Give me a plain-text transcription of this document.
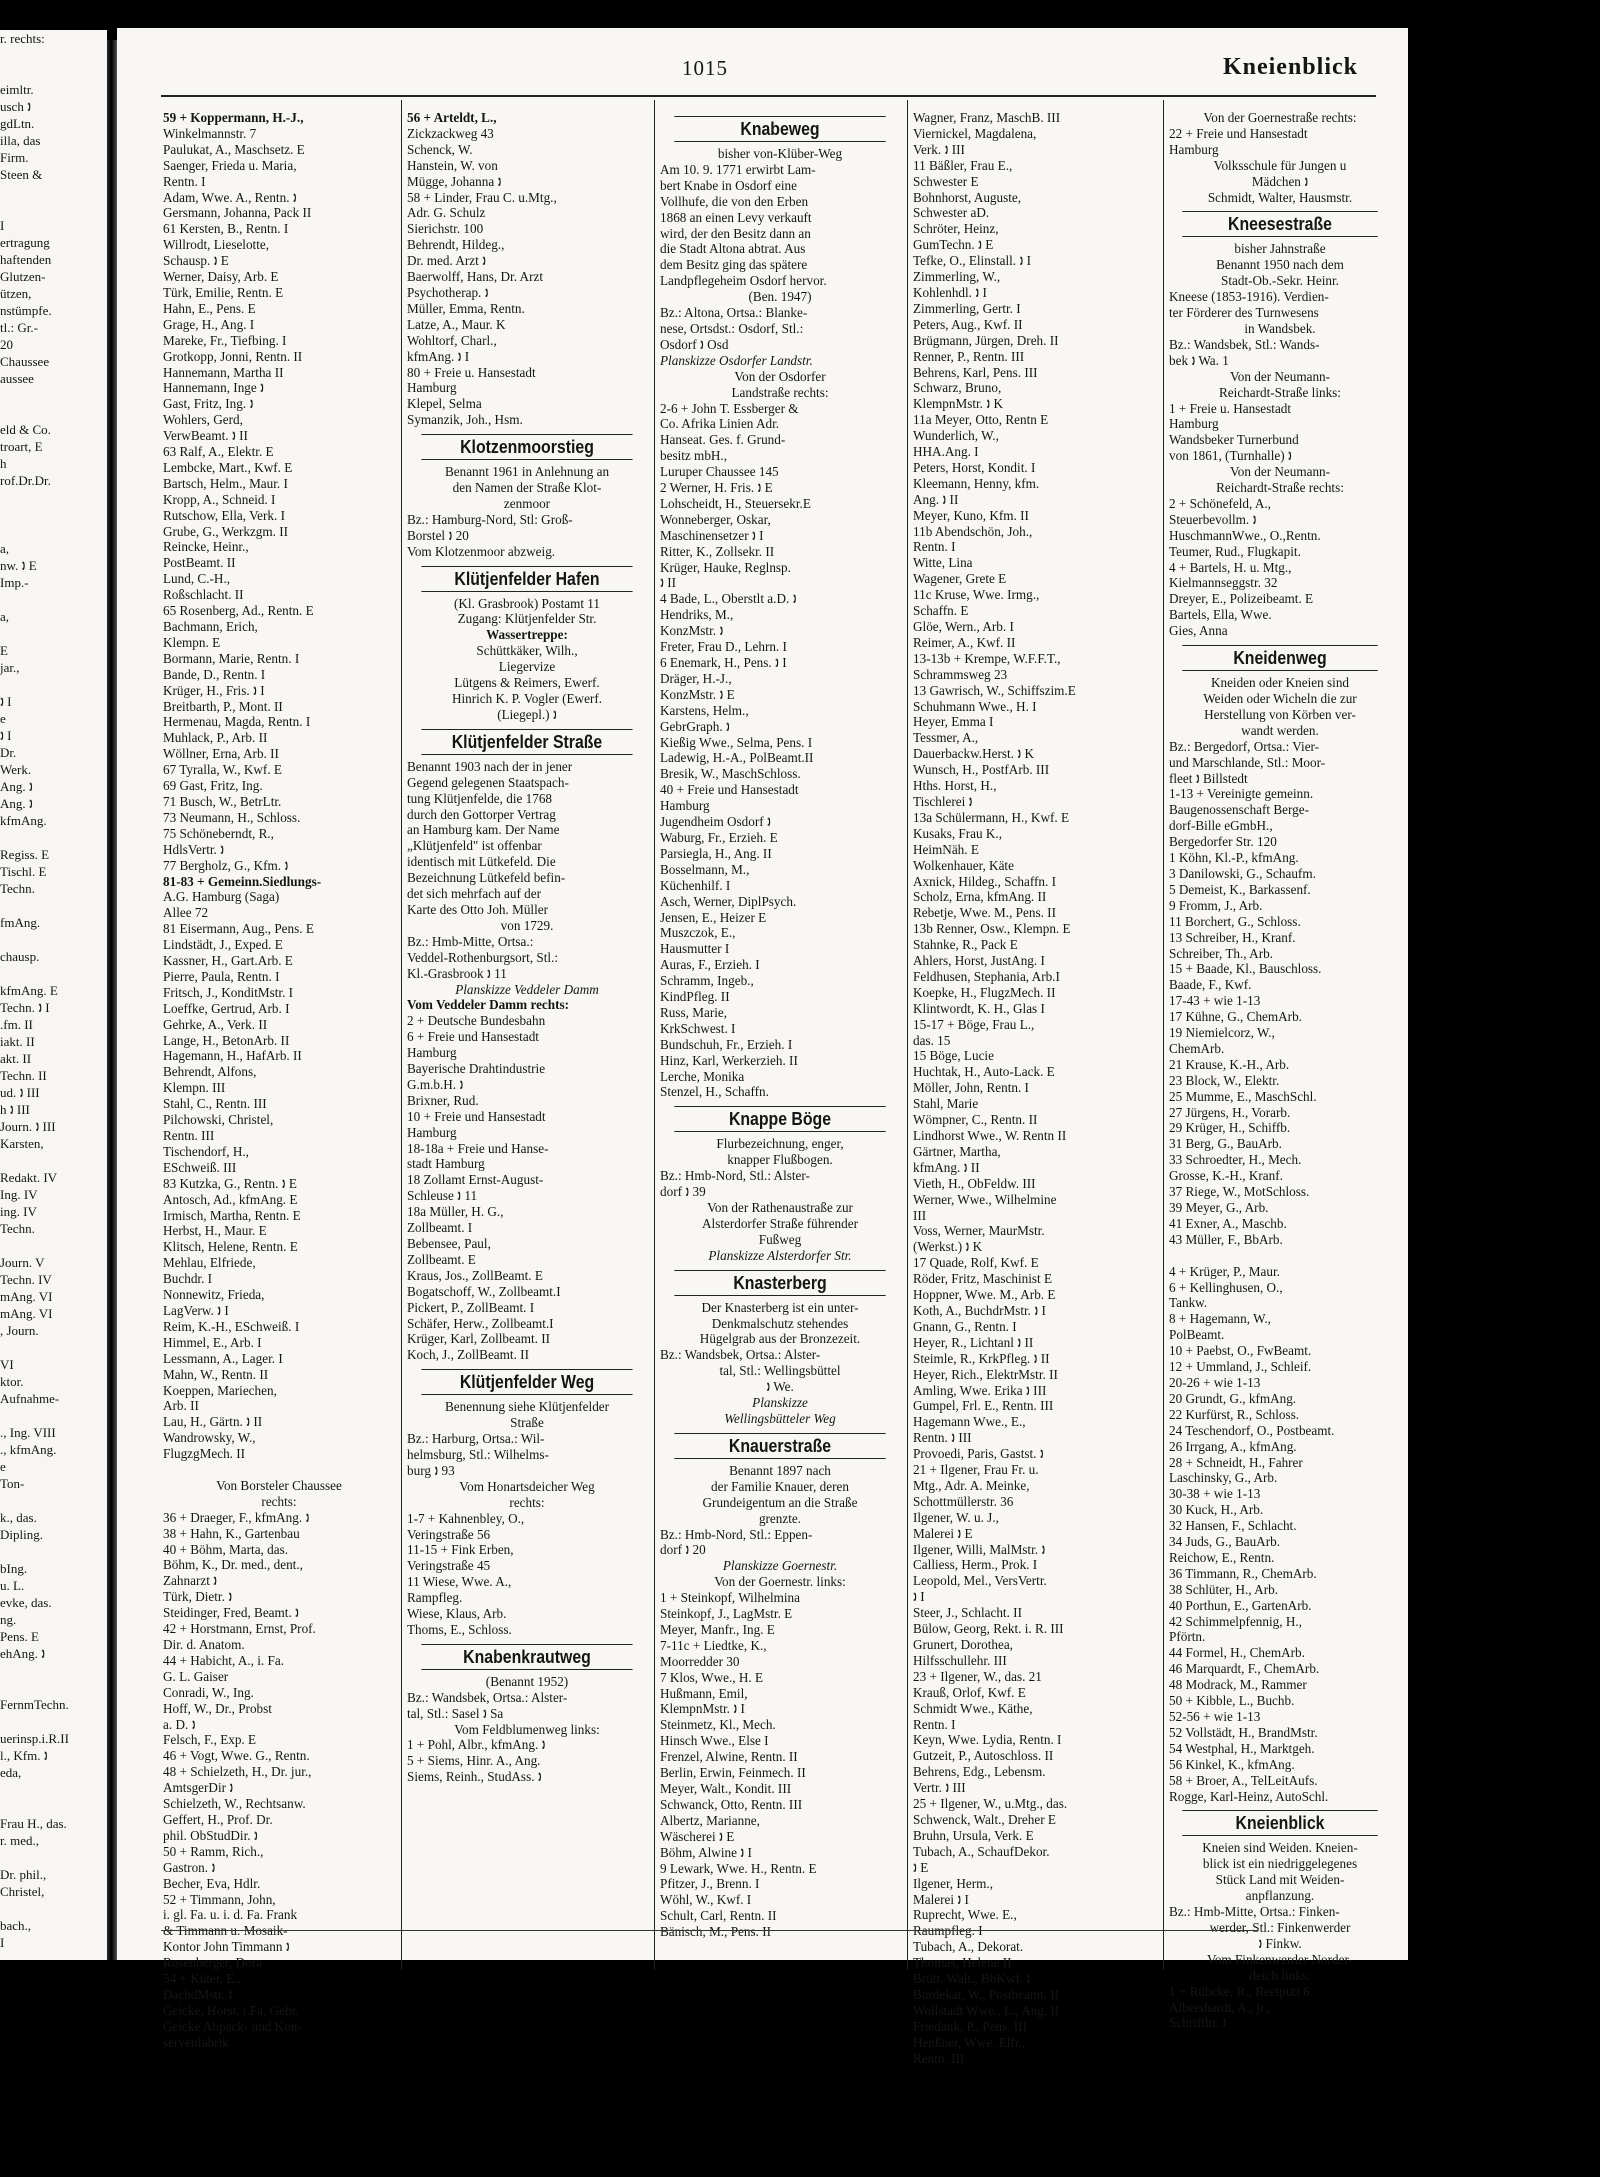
r. rechts:

eimltr.
usch 🕽
gdLtn.
illa, das
Firm.
Steen &

I
ertragung
haftenden
Glutzen-
ützen,
nstümpfe.
tl.: Gr.-
20
Chaussee
aussee

eld & Co.
troart, E
h
rof.Dr.Dr.

a,
nw. 🕽 E
Imp.-

a,

E
jar.,

🕽 I
e
🕽 I
Dr.
Werk.
Ang. 🕽
Ang. 🕽
kfmAng.

Regiss. E
Tischl. E
Techn.

fmAng.

chausp.

kfmAng. E
Techn. 🕽 I
.fm. II
iakt. II
akt. II
Techn. II
ud. 🕽 III
h 🕽 III
Journ. 🕽 III
Karsten,

Redakt. IV
Ing. IV
ing. IV
Techn.

Journ. V
Techn. IV
mAng. VI
mAng. VI
, Journ.

VI
ktor.
Aufnahme-

., Ing. VIII
., kfmAng.
e
Ton-

k., das.
Dipling.

bIng.
u. L.
evke, das.
ng.
Pens. E
ehAng. 🕽

FernmTechn.

uerinsp.i.R.II
l., Kfm. 🕽
eda,

Frau H., das.
r. med.,

Dr. phil.,
Christel,

bach.,
I
1015	Kneienblick
59 + Koppermann, H.-J.,
Winkelmannstr. 7
Paulukat, A., Maschsetz. E
Saenger, Frieda u. Maria,
Rentn. I
Adam, Wwe. A., Rentn. 🕽
Gersmann, Johanna, Pack II
61 Kersten, B., Rentn. I
Willrodt, Lieselotte,
Schausp. 🕽 E
Werner, Daisy, Arb. E
Türk, Emilie, Rentn. E
Hahn, E., Pens. E
Grage, H., Ang. I
Mareke, Fr., Tiefbing. I
Grotkopp, Jonni, Rentn. II
Hannemann, Martha II
Hannemann, Inge 🕽
Gast, Fritz, Ing. 🕽
Wohlers, Gerd,
VerwBeamt. 🕽 II
63 Ralf, A., Elektr. E
Lembcke, Mart., Kwf. E
Bartsch, Helm., Maur. I
Kropp, A., Schneid. I
Rutschow, Ella, Verk. I
Grube, G., Werkzgm. II
Reincke, Heinr.,
PostBeamt. II
Lund, C.-H.,
Roßschlacht. II
65 Rosenberg, Ad., Rentn. E
Bachmann, Erich,
Klempn. E
Bormann, Marie, Rentn. I
Bande, D., Rentn. I
Krüger, H., Fris. 🕽 I
Breitbarth, P., Mont. II
Hermenau, Magda, Rentn. I
Muhlack, P., Arb. II
Wöllner, Erna, Arb. II
67 Tyralla, W., Kwf. E
69 Gast, Fritz, Ing.
71 Busch, W., BetrLtr.
73 Neumann, H., Schloss.
75 Schöneberndt, R.,
HdlsVertr. 🕽
77 Bergholz, G., Kfm. 🕽
81-83 + Gemeinn.Siedlungs-
A.G. Hamburg (Saga)
Allee 72
81 Eisermann, Aug., Pens. E
Lindstädt, J., Exped. E
Kassner, H., Gart.Arb. E
Pierre, Paula, Rentn. I
Fritsch, J., KonditMstr. I
Loeffke, Gertrud, Arb. I
Gehrke, A., Verk. II
Lange, H., BetonArb. II
Hagemann, H., HafArb. II
Behrendt, Alfons,
Klempn. III
Stahl, C., Rentn. III
Pilchowski, Christel,
Rentn. III
Tischendorf, H.,
ESchweiß. III
83 Kutzka, G., Rentn. 🕽 E
Antosch, Ad., kfmAng. E
Irmisch, Martha, Rentn. E
Herbst, H., Maur. E
Klitsch, Helene, Rentn. E
Mehlau, Elfriede,
Buchdr. I
Nonnewitz, Frieda,
LagVerw. 🕽 I
Reim, K.-H., ESchweiß. I
Himmel, E., Arb. I
Lessmann, A., Lager. I
Mahn, W., Rentn. II
Koeppen, Mariechen,
Arb. II
Lau, H., Gärtn. 🕽 II
Wandrowsky, W.,
FlugzgMech. II

Von Borsteler Chaussee
rechts:
36 + Draeger, F., kfmAng. 🕽
38 + Hahn, K., Gartenbau
40 + Böhm, Marta, das.
Böhm, K., Dr. med., dent.,
Zahnarzt 🕽
Türk, Dietr. 🕽
Steidinger, Fred, Beamt. 🕽
42 + Horstmann, Ernst, Prof.
Dir. d. Anatom.
44 + Habicht, A., i. Fa.
G. L. Gaiser
Conradi, W., Ing.
Hoff, W., Dr., Probst
a. D. 🕽
Felsch, F., Exp. E
46 + Vogt, Wwe. G., Rentn.
48 + Schielzeth, H., Dr. jur.,
AmtsgerDir 🕽
Schielzeth, W., Rechtsanw.
Geffert, H., Prof. Dr.
phil. ObStudDir. 🕽
50 + Ramm, Rich.,
Gastron. 🕽
Becher, Eva, Hdlr.
52 + Timmann, John,
i. gl. Fa. u. i. d. Fa. Frank
& Timmann u. Mosaik-
Kontor John Timmann 🕽
Rosenberger, Dora
54 + Küter, E.,
DachdMstr. 🕽
Geicke, Horst, i.Fa. Gebr.
Geicke Abpack- und Kon-
servenfabrik
56 + Arteldt, L.,
Zickzackweg 43
Schenck, W.
Hanstein, W. von
Mügge, Johanna 🕽
58 + Linder, Frau C. u.Mtg.,
Adr. G. Schulz
Sierichstr. 100
Behrendt, Hildeg.,
Dr. med. Arzt 🕽
Baerwolff, Hans, Dr. Arzt
Psychotherap. 🕽
Müller, Emma, Rentn.
Latze, A., Maur. K
Wohltorf, Charl.,
kfmAng. 🕽 I
80 + Freie u. Hansestadt
Hamburg
Klepel, Selma
Symanzik, Joh., Hsm.
Klotzenmoorstieg
Benannt 1961 in Anlehnung an
den Namen der Straße Klot-
zenmoor
Bz.: Hamburg-Nord, Stl: Groß-
Borstel 🕽 20
Vom Klotzenmoor abzweig.
Klütjenfelder Hafen
(Kl. Grasbrook) Postamt 11
Zugang: Klütjenfelder Str.
Wassertreppe:
Schüttkäker, Wilh.,
Liegervize
Lütgens & Reimers, Ewerf.
Hinrich K. P. Vogler (Ewerf.
(Liegepl.) 🕽
Klütjenfelder Straße
Benannt 1903 nach der in jener
Gegend gelegenen Staatspach-
tung Klütjenfelde, die 1768
durch den Gottorper Vertrag
an Hamburg kam. Der Name
„Klütjenfeld" ist offenbar
identisch mit Lütkefeld. Die
Bezeichnung Lütkefeld befin-
det sich mehrfach auf der
Karte des Otto Joh. Müller
von 1729.
Bz.: Hmb-Mitte, Ortsa.:
Veddel-Rothenburgsort, Stl.:
Kl.-Grasbrook 🕽 11
Planskizze Veddeler Damm
Vom Veddeler Damm rechts:
2 + Deutsche Bundesbahn
6 + Freie und Hansestadt
Hamburg
Bayerische Drahtindustrie
G.m.b.H. 🕽
Brixner, Rud.
10 + Freie und Hansestadt
Hamburg
18-18a + Freie und Hanse-
stadt Hamburg
18 Zollamt Ernst-August-
Schleuse 🕽 11
18a Müller, H. G.,
Zollbeamt. I
Bebensee, Paul,
Zollbeamt. E
Kraus, Jos., ZollBeamt. E
Bogatschoff, W., Zollbeamt.I
Pickert, P., ZollBeamt. I
Schäfer, Herw., Zollbeamt.I
Krüger, Karl, Zollbeamt. II
Koch, J., ZollBeamt. II
Klütjenfelder Weg
Benennung siehe Klütjenfelder
Straße
Bz.: Harburg, Ortsa.: Wil-
helmsburg, Stl.: Wilhelms-
burg 🕽 93
Vom Honartsdeicher Weg
rechts:
1-7 + Kahnenbley, O.,
Veringstraße 56
11-15 + Fink Erben,
Veringstraße 45
11 Wiese, Wwe. A.,
Rampfleg.
Wiese, Klaus, Arb.
Thoms, E., Schloss.
Knabenkrautweg
(Benannt 1952)
Bz.: Wandsbek, Ortsa.: Alster-
tal, Stl.: Sasel 🕽 Sa
Vom Feldblumenweg links:
1 + Pohl, Albr., kfmAng. 🕽
5 + Siems, Hinr. A., Ang.
Siems, Reinh., StudAss. 🕽
Knabeweg
bisher von-Klüber-Weg
Am 10. 9. 1771 erwirbt Lam-
bert Knabe in Osdorf eine
Vollhufe, die von den Erben
1868 an einen Levy verkauft
wird, der den Besitz dann an
die Stadt Altona abtrat. Aus
dem Besitz ging das spätere
Landpflegeheim Osdorf hervor.
(Ben. 1947)
Bz.: Altona, Ortsa.: Blanke-
nese, Ortsdst.: Osdorf, Stl.:
Osdorf 🕽 Osd
Planskizze Osdorfer Landstr.
Von der Osdorfer
Landstraße rechts:
2-6 + John T. Essberger &
Co. Afrika Linien Adr.
Hanseat. Ges. f. Grund-
besitz mbH.,
Luruper Chaussee 145
2 Werner, H. Fris. 🕽 E
Lohscheidt, H., Steuersekr.E
Wonneberger, Oskar,
Maschinensetzer 🕽 I
Ritter, K., Zollsekr. II
Krüger, Hauke, Reglnsp.
🕽 II
4 Bade, L., Oberstlt a.D. 🕽
Hendriks, M.,
KonzMstr. 🕽
Freter, Frau D., Lehrn. I
6 Enemark, H., Pens. 🕽 I
Dräger, H.-J.,
KonzMstr. 🕽 E
Karstens, Helm.,
GebrGraph. 🕽
Kießig Wwe., Selma, Pens. I
Ladewig, H.-A., PolBeamt.II
Bresik, W., MaschSchloss.
40 + Freie und Hansestadt
Hamburg
Jugendheim Osdorf 🕽
Waburg, Fr., Erzieh. E
Parsiegla, H., Ang. II
Bosselmann, M.,
Küchenhilf. I
Asch, Werner, DiplPsych.
Jensen, E., Heizer E
Muszczok, E.,
Hausmutter I
Auras, F., Erzieh. I
Schramm, Ingeb.,
KindPfleg. II
Russ, Marie,
KrkSchwest. I
Bundschuh, Fr., Erzieh. I
Hinz, Karl, Werkerzieh. II
Lerche, Monika
Stenzel, H., Schaffn.
Knappe Böge
Flurbezeichnung, enger,
knapper Flußbogen.
Bz.: Hmb-Nord, Stl.: Alster-
dorf 🕽 39
Von der Rathenaustraße zur
Alsterdorfer Straße führender
Fußweg
Planskizze Alsterdorfer Str.
Knasterberg
Der Knasterberg ist ein unter-
Denkmalschutz stehendes
Hügelgrab aus der Bronzezeit.
Bz.: Wandsbek, Ortsa.: Alster-
tal, Stl.: Wellingsbüttel
🕽 We.
Planskizze
Wellingsbütteler Weg
Knauerstraße
Benannt 1897 nach
der Familie Knauer, deren
Grundeigentum an die Straße
grenzte.
Bz.: Hmb-Nord, Stl.: Eppen-
dorf 🕽 20
Planskizze Goernestr.
Von der Goernestr. links:
1 + Steinkopf, Wilhelmina
Steinkopf, J., LagMstr. E
Meyer, Manfr., Ing. E
7-11c + Liedtke, K.,
Moorredder 30
7 Klos, Wwe., H. E
Hußmann, Emil,
KlempnMstr. 🕽 I
Steinmetz, Kl., Mech.
Hinsch Wwe., Else I
Frenzel, Alwine, Rentn. II
Berlin, Erwin, Feinmech. II
Meyer, Walt., Kondit. III
Schwanck, Otto, Rentn. III
Albertz, Marianne,
Wäscherei 🕽 E
Böhm, Alwine 🕽 I
9 Lewark, Wwe. H., Rentn. E
Pfitzer, J., Brenn. I
Wöhl, W., Kwf. I
Schult, Carl, Rentn. II
Bänisch, M., Pens. II
Wagner, Franz, MaschB. III
Viernickel, Magdalena,
Verk. 🕽 III
11 Bäßler, Frau E.,
Schwester E
Bohnhorst, Auguste,
Schwester aD.
Schröter, Heinz,
GumTechn. 🕽 E
Tefke, O., Elinstall. 🕽 I
Zimmerling, W.,
Kohlenhdl. 🕽 I
Zimmerling, Gertr. I
Peters, Aug., Kwf. II
Brügmann, Jürgen, Dreh. II
Renner, P., Rentn. III
Behrens, Karl, Pens. III
Schwarz, Bruno,
KlempnMstr. 🕽 K
11a Meyer, Otto, Rentn E
Wunderlich, W.,
HHA.Ang. I
Peters, Horst, Kondit. I
Kleemann, Henny, kfm.
Ang. 🕽 II
Meyer, Kuno, Kfm. II
11b Abendschön, Joh.,
Rentn. I
Witte, Lina
Wagener, Grete E
11c Kruse, Wwe. Irmg.,
Schaffn. E
Glöe, Wern., Arb. I
Reimer, A., Kwf. II
13-13b + Krempe, W.F.F.T.,
Schrammsweg 23
13 Gawrisch, W., Schiffszim.E
Schuhmann Wwe., H. I
Heyer, Emma I
Tessmer, A.,
Dauerbackw.Herst. 🕽 K
Wunsch, H., PostfArb. III
Hths. Horst, H.,
Tischlerei 🕽
13a Schülermann, H., Kwf. E
Kusaks, Frau K.,
HeimNäh. E
Wolkenhauer, Käte
Axnick, Hildeg., Schaffn. I
Scholz, Erna, kfmAng. II
Rebetje, Wwe. M., Pens. II
13b Renner, Osw., Klempn. E
Stahnke, R., Pack E
Ahlers, Horst, JustAng. I
Feldhusen, Stephania, Arb.I
Koepke, H., FlugzMech. II
Klintwordt, K. H., Glas I
15-17 + Böge, Frau L.,
das. 15
15 Böge, Lucie
Huchtak, H., Auto-Lack. E
Möller, John, Rentn. I
Stahl, Marie
Wömpner, C., Rentn. II
Lindhorst Wwe., W. Rentn II
Gärtner, Martha,
kfmAng. 🕽 II
Vieth, H., ObFeldw. III
Werner, Wwe., Wilhelmine
III
Voss, Werner, MaurMstr.
(Werkst.) 🕽 K
17 Quade, Rolf, Kwf. E
Röder, Fritz, Maschinist E
Hoppner, Wwe. M., Arb. E
Koth, A., BuchdrMstr. 🕽 I
Gnann, G., Rentn. I
Heyer, R., Lichtanl 🕽 II
Steimle, R., KrkPfleg. 🕽 II
Heyer, Rich., ElektrMstr. II
Amling, Wwe. Erika 🕽 III
Gumpel, Frl. E., Rentn. III
Hagemann Wwe., E.,
Rentn. 🕽 III
Provoedi, Paris, Gastst. 🕽
21 + Ilgener, Frau Fr. u.
Mtg., Adr. A. Meinke,
Schottmüllerstr. 36
Ilgener, W. u. J.,
Malerei 🕽 E
Ilgener, Willi, MalMstr. 🕽
Calliess, Herm., Prok. I
Leopold, Mel., VersVertr.
🕽 I
Steer, J., Schlacht. II
Bülow, Georg, Rekt. i. R. III
Grunert, Dorothea,
Hilfsschullehr. III
23 + Ilgener, W., das. 21
Krauß, Orlof, Kwf. E
Schmidt Wwe., Käthe,
Rentn. I
Keyn, Wwe. Lydia, Rentn. I
Gutzeit, P., Autoschloss. II
Behrens, Edg., Lebensm.
Vertr. 🕽 III
25 + Ilgener, W., u.Mtg., das.
Schwenck, Walt., Dreher E
Bruhn, Ursula, Verk. E
Tubach, A., SchaufDekor.
🕽 E
Ilgener, Herm.,
Malerei 🕽 I
Ruprecht, Wwe. E.,
Raumpfleg. I
Tubach, A., Dekorat.
Thomas, Helene II
Brütt, Walt., BbKwf. 🕽
Burdekat, W., Postbeamt. II
Wollstadt Wwe., L., Ang. II
Friedank, P., Pens. III
Henßner, Wwe. Elfr.,
Rentn. III
Von der Goernestraße rechts:
22 + Freie und Hansestadt
Hamburg
Volksschule für Jungen u
Mädchen 🕽
Schmidt, Walter, Hausmstr.
Kneesestraße
bisher Jahnstraße
Benannt 1950 nach dem
Stadt-Ob.-Sekr. Heinr.
Kneese (1853-1916). Verdien-
ter Förderer des Turnwesens
in Wandsbek.
Bz.: Wandsbek, Stl.: Wands-
bek 🕽 Wa. 1
Von der Neumann-
Reichardt-Straße links:
1 + Freie u. Hansestadt
Hamburg
Wandsbeker Turnerbund
von 1861, (Turnhalle) 🕽
Von der Neumann-
Reichardt-Straße rechts:
2 + Schönefeld, A.,
Steuerbevollm. 🕽
HuschmannWwe., O.,Rentn.
Teumer, Rud., Flugkapit.
4 + Bartels, H. u. Mtg.,
Kielmannseggstr. 32
Dreyer, E., Polizeibeamt. E
Bartels, Ella, Wwe.
Gies, Anna
Kneidenweg
Kneiden oder Kneien sind
Weiden oder Wicheln die zur
Herstellung von Körben ver-
wandt werden.
Bz.: Bergedorf, Ortsa.: Vier-
und Marschlande, Stl.: Moor-
fleet 🕽 Billstedt
1-13 + Vereinigte gemeinn.
Baugenossenschaft Berge-
dorf-Bille eGmbH.,
Bergedorfer Str. 120
1 Köhn, Kl.-P., kfmAng.
3 Danilowski, G., Schaufm.
5 Demeist, K., Barkassenf.
9 Fromm, J., Arb.
11 Borchert, G., Schloss.
13 Schreiber, H., Kranf.
Schreiber, Th., Arb.
15 + Baade, Kl., Bauschloss.
Baade, F., Kwf.
17-43 + wie 1-13
17 Kühne, G., ChemArb.
19 Niemielcorz, W.,
ChemArb.
21 Krause, K.-H., Arb.
23 Block, W., Elektr.
25 Mumme, E., MaschSchl.
27 Jürgens, H., Vorarb.
29 Krüger, H., Schiffb.
31 Berg, G., BauArb.
33 Schroedter, H., Mech.
Grosse, K.-H., Kranf.
37 Riege, W., MotSchloss.
39 Meyer, G., Arb.
41 Exner, A., Maschb.
43 Müller, F., BbArb.

4 + Krüger, P., Maur.
6 + Kellinghusen, O.,
Tankw.
8 + Hagemann, W.,
PolBeamt.
10 + Paebst, O., FwBeamt.
12 + Ummland, J., Schleif.
20-26 + wie 1-13
20 Grundt, G., kfmAng.
22 Kurfürst, R., Schloss.
24 Teschendorf, O., Postbeamt.
26 Irrgang, A., kfmAng.
28 + Schneidt, H., Fahrer
Laschinsky, G., Arb.
30-38 + wie 1-13
30 Kuck, H., Arb.
32 Hansen, F., Schlacht.
34 Juds, G., BauArb.
Reichow, E., Rentn.
36 Timmann, R., ChemArb.
38 Schlüter, H., Arb.
40 Porthun, E., GartenArb.
42 Schimmelpfennig, H.,
Pförtn.
44 Formel, H., ChemArb.
46 Marquardt, F., ChemArb.
48 Modrack, M., Rammer
50 + Kibble, L., Buchb.
52-56 + wie 1-13
52 Vollstädt, H., BrandMstr.
54 Westphal, H., Marktgeh.
56 Kinkel, K., kfmAng.
58 + Broer, A., TelLeitAufs.
Rogge, Karl-Heinz, AutoSchl.
Kneienblick
Kneien sind Weiden. Kneien-
blick ist ein niedriggelegenes
Stück Land mit Weiden-
anpflanzung.
Bz.: Hmb-Mitte, Ortsa.: Finken-
werder, Stl.: Finkenwerder
🕽 Finkw.
Vom Finkenwerder Norder-
deich links:
1 + Rübcke, R., Reetputt 6
Albershardt, A., jr.,
Schriftltr. 🕽
